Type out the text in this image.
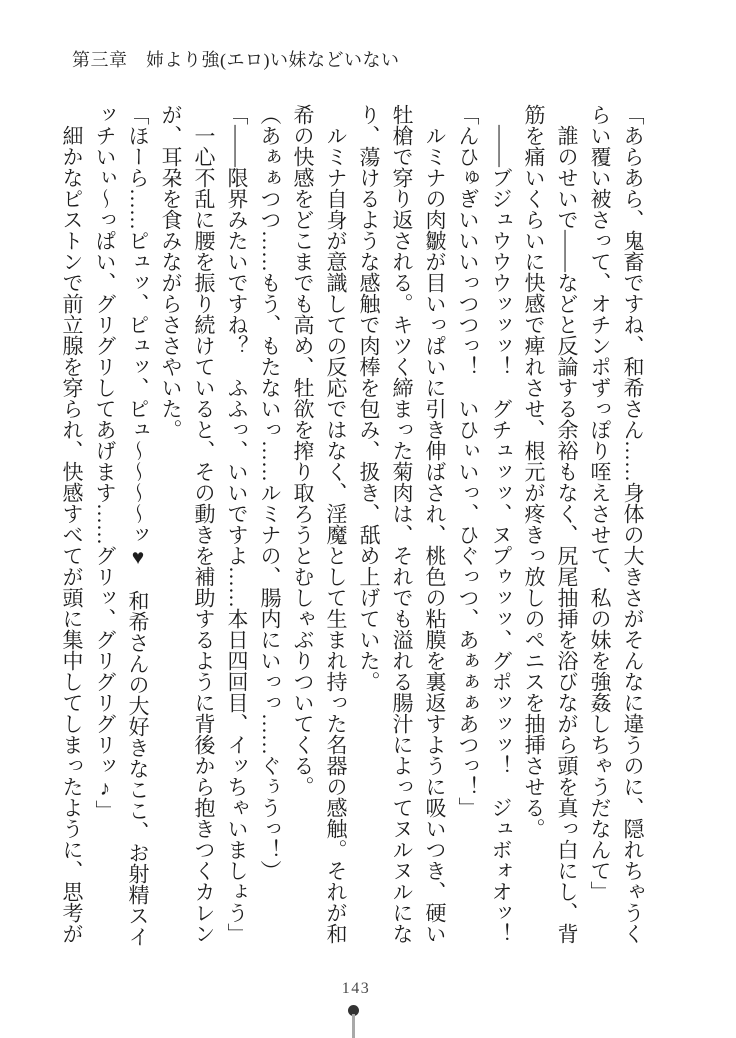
第三章　姉より強(エロ)い妹などいない

「あらあら、鬼畜ですね、和希さん……身体の大きさがそんなに違うのに、隠れちゃうく

らい覆い被さって、オチンポずっぽり咥えさせて、私の妹を強姦しちゃうだなんて」

　誰のせいで――などと反論する余裕もなく、尻尾抽挿を浴びながら頭を真っ白にし、背

筋を痛いくらいに快感で痺れさせ、根元が疼きっ放しのペニスを抽挿させる。

　――ブジュウウウッッッ！　グチュッッ、ヌプゥッッ、グポッッッ！　ジュボォオッ！

「んひゅぎいいいっつつっ！　いひぃいっ、ひぐっつ、あぁぁぁあつっ！」

　ルミナの肉皺が目いっぱいに引き伸ばされ、桃色の粘膜を裏返すように吸いつき、硬い

牡槍で穿り返される。キツく締まった菊肉は、それでも溢れる腸汁によってヌルヌルにな

り、蕩けるような感触で肉棒を包み、扱き、舐め上げていた。

　ルミナ自身が意識しての反応ではなく、淫魔として生まれ持った名器の感触。それが和

希の快感をどこまでも高め、牡欲を搾り取ろうとむしゃぶりついてくる。

（あぁぁつつ……もう、もたないっ……ルミナの、腸内にいっっ……ぐぅうっ！）

「――限界みたいですね？　ふふっ、いいですよ……本日四回目、イッちゃいましょう」

　一心不乱に腰を振り続けていると、その動きを補助するように背後から抱きつくカレン

が、耳朶を食みながらささやいた。

「ほーら……ピュッ、ピュッ、ピュ～～～～ッ♥　和希さんの大好きなここ、お射精スイ

ッチいぃ～っぱい、グリグリしてあげます……グリッ、グリグリグリッ♪」

　細かなピストンで前立腺を穿られ、快感すべてが頭に集中してしまったように、思考が

143
